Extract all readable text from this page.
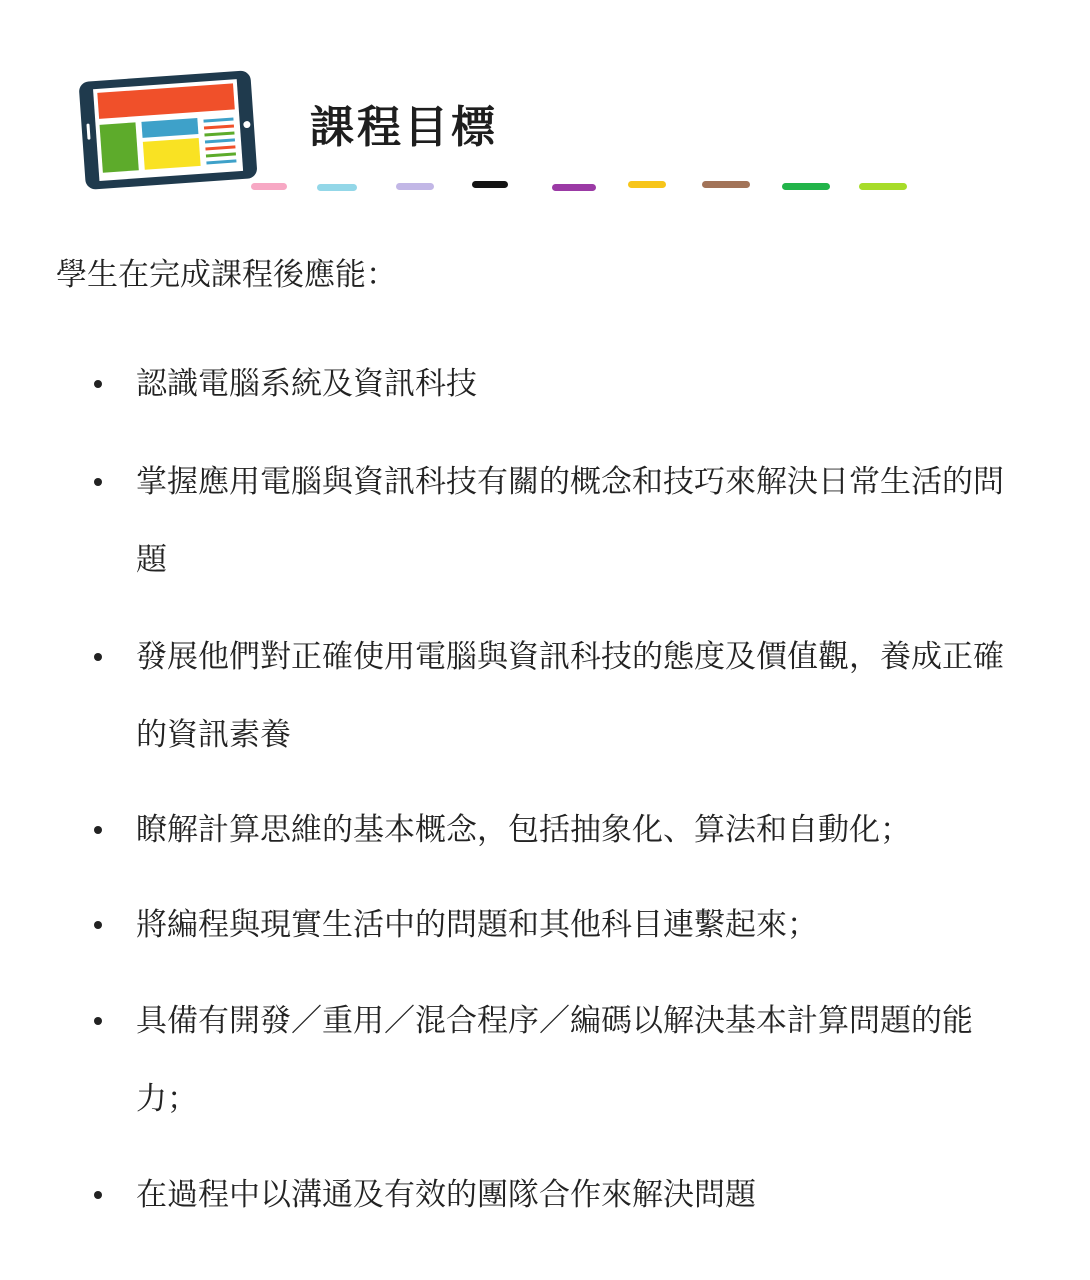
課程目標
學生在完成課程後應能：
認識電腦系統及資訊科技
掌握應用電腦與資訊科技有關的概念和技巧來解決日常生活的問題
發展他們對正確使用電腦與資訊科技的態度及價值觀，養成正確的資訊素養
瞭解計算思維的基本概念，包括抽象化、算法和自動化；
將編程與現實生活中的問題和其他科目連繫起來；
具備有開發／重用／混合程序／編碼以解決基本計算問題的能力；
在過程中以溝通及有效的團隊合作來解決問題
